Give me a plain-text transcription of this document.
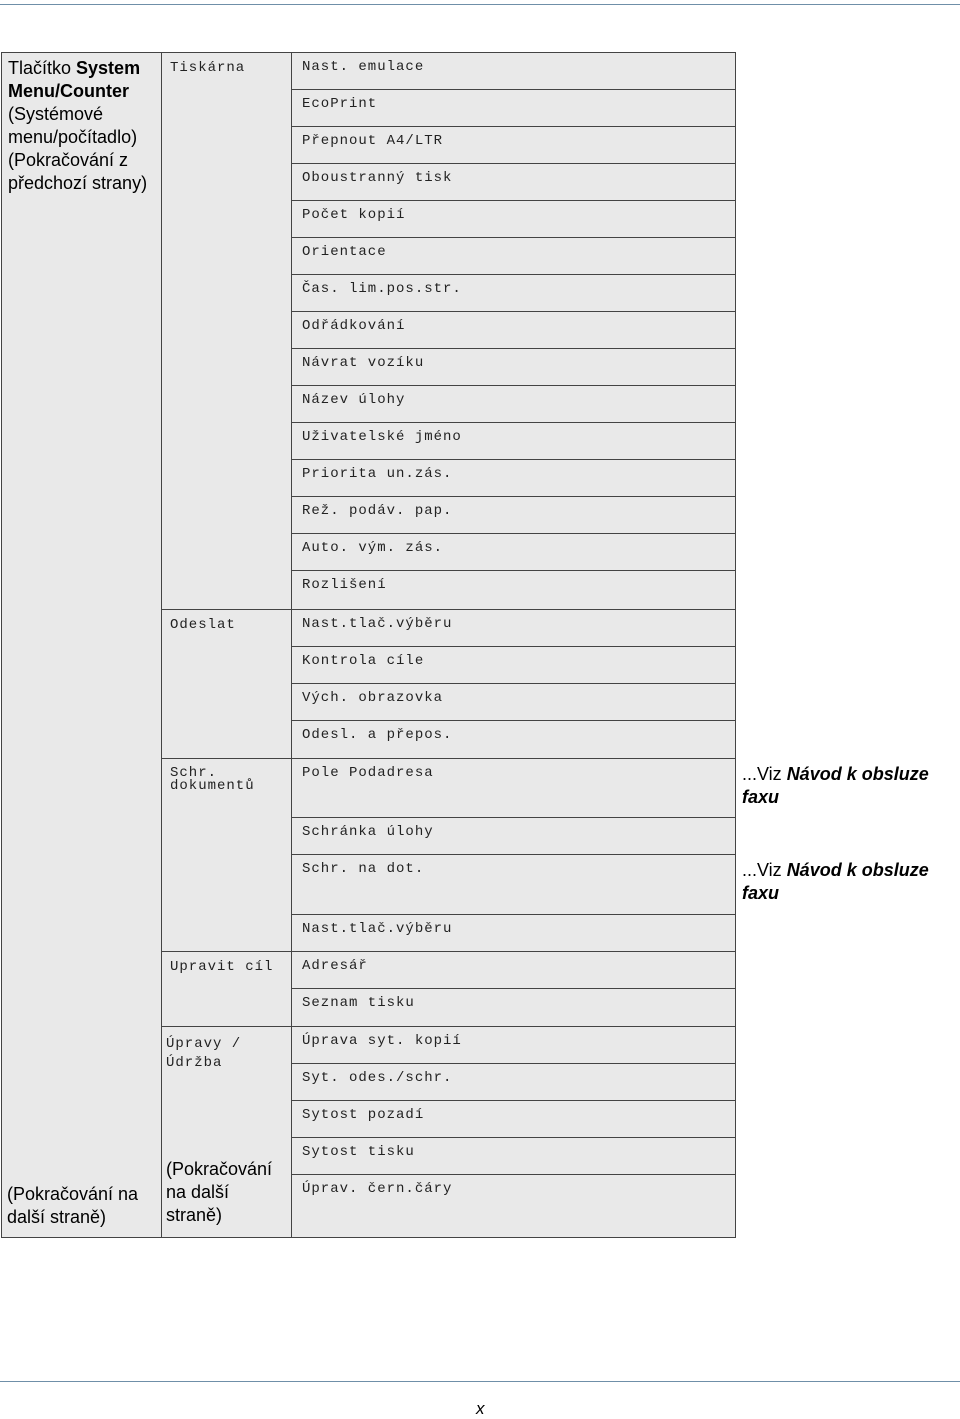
Tlačítko System Menu/Counter (Systémové menu/počítadlo) (Pokračování z předchozí strany)
(Pokračování na další straně)
Tiskárna
Odeslat
Schr. dokumentů
Upravit cíl
Úpravy / Údržba
(Pokračování na další straně)
Nast. emulace
EcoPrint
Přepnout A4/LTR
Oboustranný tisk
Počet kopií
Orientace
Čas. lim.pos.str.
Odřádkování
Návrat vozíku
Název úlohy
Uživatelské jméno
Priorita un.zás.
Rež. podáv. pap.
Auto. vým. zás.
Rozlišení
Nast.tlač.výběru
Kontrola cíle
Vých. obrazovka
Odesl. a přepos.
Pole Podadresa
Schránka úlohy
Schr. na dot.
Nast.tlač.výběru
Adresář
Seznam tisku
Úprava syt. kopií
Syt. odes./schr.
Sytost pozadí
Sytost tisku
Úprav. čern.čáry
...Viz Návod k obsluze faxu
...Viz Návod k obsluze faxu
x
